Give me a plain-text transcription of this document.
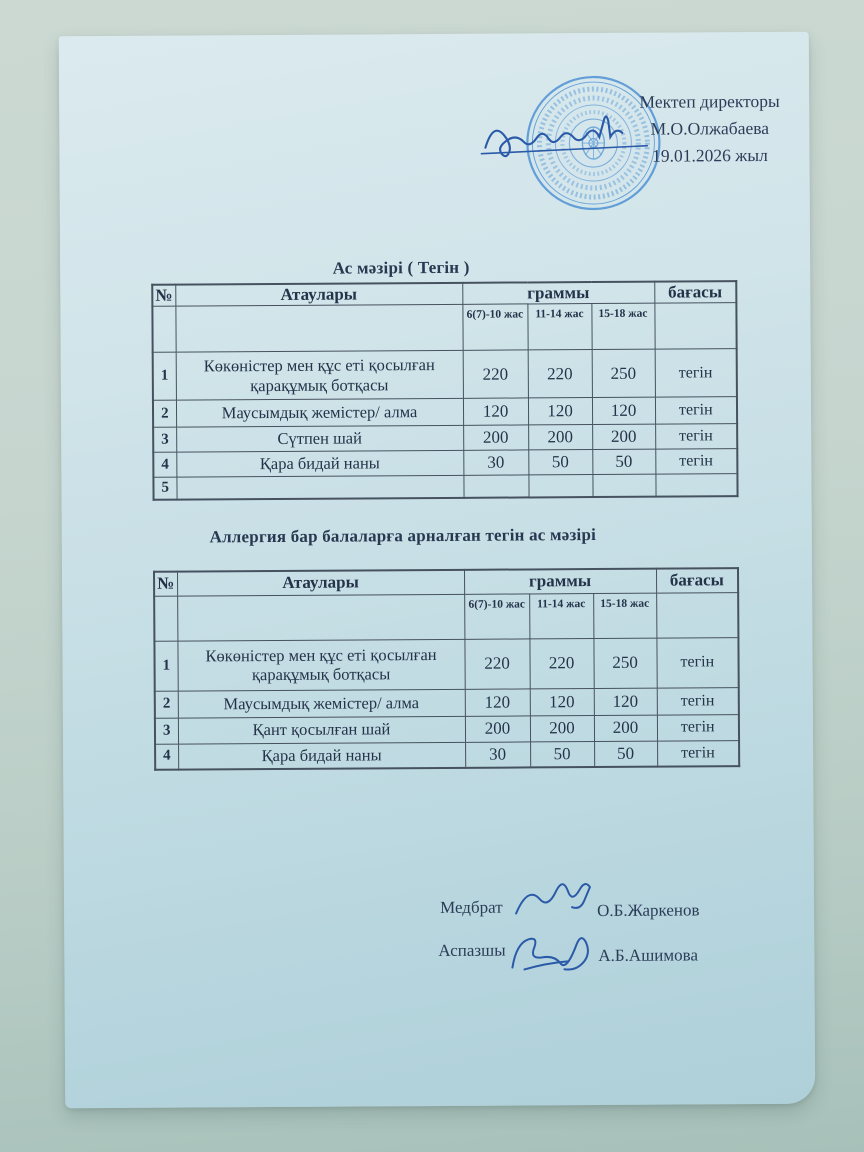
Мектеп директоры
М.О.Олжабаева
19.01.2026 жыл
Ас мәзірі ( Тегін )
№	Атаулары	граммы			бағасы
		6(7)-10 жас	11-14 жас	15-18 жас	
1	Көкөністер мен құс еті қосылған қарақұмық ботқасы	220	220	250	тегін
2	Маусымдық жемістер/ алма	120	120	120	тегін
3	Сүтпен шай	200	200	200	тегін
4	Қара бидай наны	30	50	50	тегін
5					
Аллергия бар балаларға арналған тегін ас мәзірі
№	Атаулары	граммы			бағасы
		6(7)-10 жас	11-14 жас	15-18 жас	
1	Көкөністер мен құс еті қосылған қарақұмық ботқасы	220	220	250	тегін
2	Маусымдық жемістер/ алма	120	120	120	тегін
3	Қант қосылған шай	200	200	200	тегін
4	Қара бидай наны	30	50	50	тегін
Медбрат	О.Б.Жаркенов
Аспазшы	А.Б.Ашимова
